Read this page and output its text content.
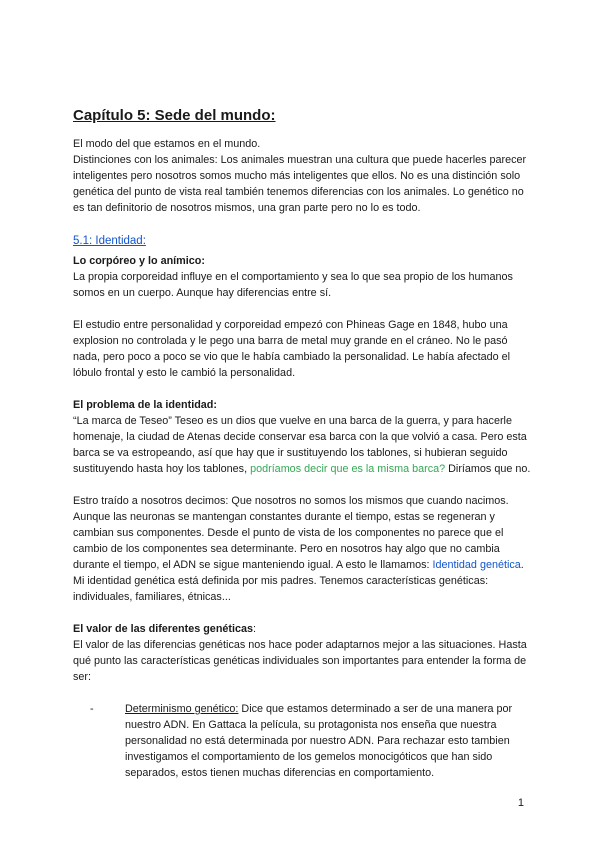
Capítulo 5: Sede del mundo:

El modo del que estamos en el mundo.

Distinciones con los animales: Los animales muestran una cultura que puede hacerles parecer inteligentes pero nosotros somos mucho más inteligentes que ellos. No es una distinción solo genética del punto de vista real también tenemos diferencias con los animales. Lo genético no es tan definitorio de nosotros mismos, una gran parte pero no lo es todo.

5.1: Identidad:

Lo corpóreo y lo anímico:

La propia corporeidad influye en el comportamiento y sea lo que sea propio de los humanos somos en un cuerpo. Aunque hay diferencias entre sí.

El estudio entre personalidad y corporeidad empezó con Phineas Gage en 1848, hubo una explosion no controlada y le pego una barra de metal muy grande en el cráneo. No le pasó nada, pero poco a poco se vio que le había cambiado la personalidad. Le había afectado el lóbulo frontal y esto le cambió la personalidad.

El problema de la identidad:

“La marca de Teseo” Teseo es un dios que vuelve en una barca de la guerra, y para hacerle homenaje, la ciudad de Atenas decide conservar esa barca con la que volvió a casa. Pero esta barca se va estropeando, así que hay que ir sustituyendo los tablones, si hubieran seguido sustituyendo hasta hoy los tablones, podríamos decir que es la misma barca? Diríamos que no.

Estro traído a nosotros decimos: Que nosotros no somos los mismos que cuando nacimos. Aunque las neuronas se mantengan constantes durante el tiempo, estas se regeneran y cambian sus componentes. Desde el punto de vista de los componentes no parece que el cambio de los componentes sea determinante. Pero en nosotros hay algo que no cambia durante el tiempo, el ADN se sigue manteniendo igual. A esto le llamamos: Identidad genética. Mi identidad genética está definida por mis padres. Tenemos características genéticas: individuales, familiares, étnicas...

El valor de las diferentes genéticas:

El valor de las diferencias genéticas nos hace poder adaptarnos mejor a las situaciones. Hasta qué punto las características genéticas individuales son importantes para entender la forma de ser:

-	Determinismo genético: Dice que estamos determinado a ser de una manera por nuestro ADN. En Gattaca la película, su protagonista nos enseña que nuestra personalidad no está determinada por nuestro ADN. Para rechazar esto tambien investigamos el comportamiento de los gemelos monocigóticos que han sido separados, estos tienen muchas diferencias en comportamiento.
1
